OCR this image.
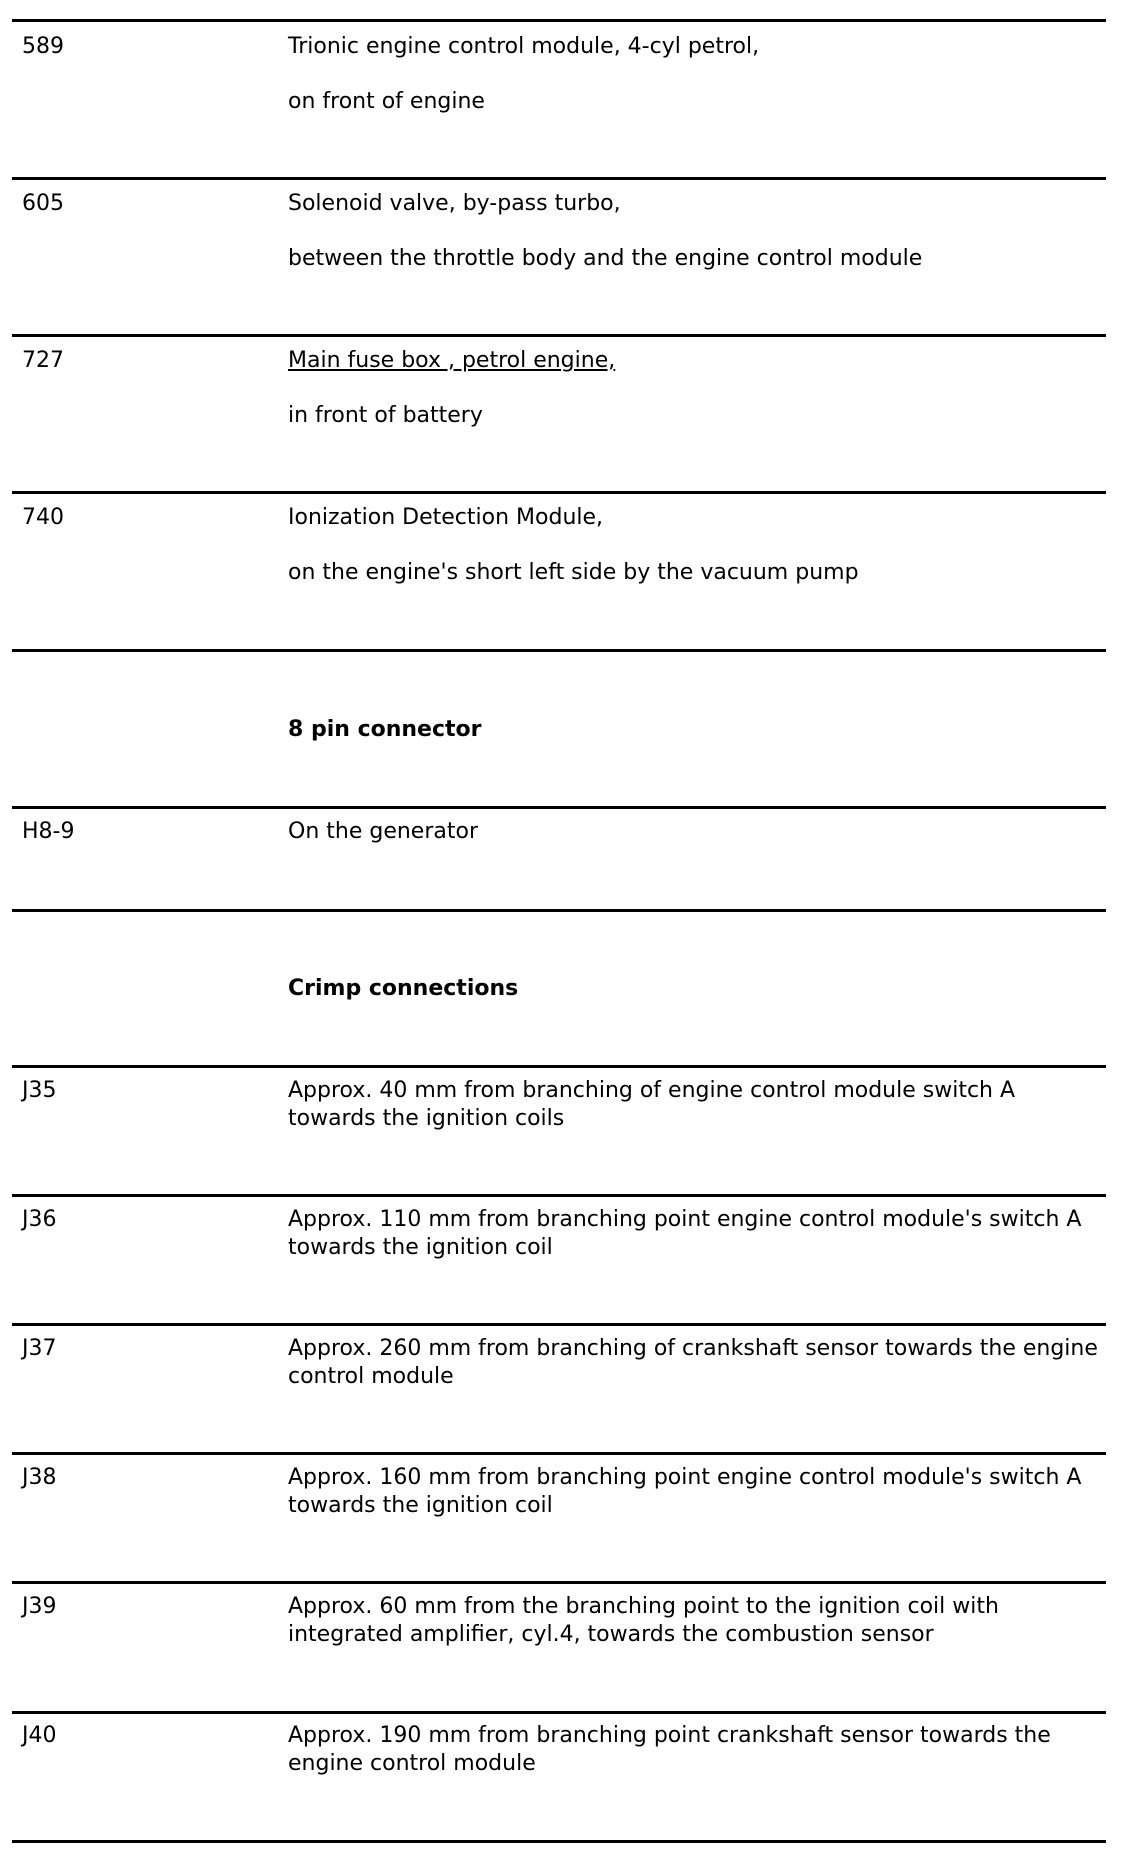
589	Trionic engine control module, 4-cyl petrol,
on front of engine
605	Solenoid valve, by-pass turbo,
between the throttle body and the engine control module
727	Main fuse box , petrol engine,
in front of battery
740	Ionization Detection Module,
on the engine's short left side by the vacuum pump
8 pin connector
H8-9	On the generator
Crimp connections
J35	Approx. 40 mm from branching of engine control module switch A towards the ignition coils
J36	Approx. 110 mm from branching point engine control module's switch A towards the ignition coil
J37	Approx. 260 mm from branching of crankshaft sensor towards the engine control module
J38	Approx. 160 mm from branching point engine control module's switch A towards the ignition coil
J39	Approx. 60 mm from the branching point to the ignition coil with integrated amplifier, cyl.4, towards the combustion sensor
J40	Approx. 190 mm from branching point crankshaft sensor towards the engine control module
